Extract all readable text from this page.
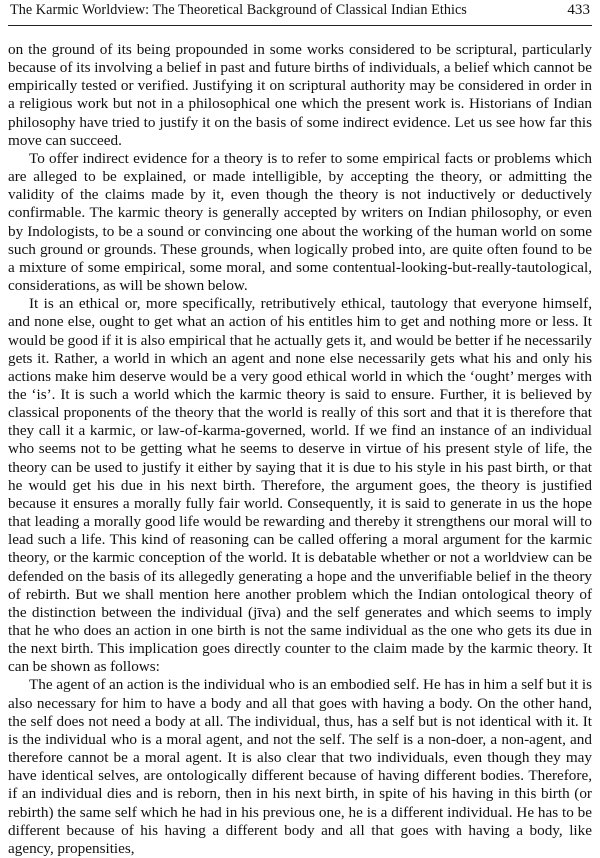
The Karmic Worldview: The Theoretical Background of Classical Indian Ethics	433

on the ground of its being propounded in some works considered to be scriptural, particularly because of its involving a belief in past and future births of individuals, a belief which cannot be empirically tested or verified. Justifying it on scriptural authority may be considered in order in a religious work but not in a philosophical one which the present work is. Historians of Indian philosophy have tried to justify it on the basis of some indirect evidence. Let us see how far this move can succeed.

To offer indirect evidence for a theory is to refer to some empirical facts or problems which are alleged to be explained, or made intelligible, by accepting the theory, or admitting the validity of the claims made by it, even though the theory is not inductively or deductively confirmable. The karmic theory is generally accepted by writers on Indian philosophy, or even by Indologists, to be a sound or convincing one about the working of the human world on some such ground or grounds. These grounds, when logically probed into, are quite often found to be a mixture of some empirical, some moral, and some contentual-looking-but-really-tautological, considerations, as will be shown below.

It is an ethical or, more specifically, retributively ethical, tautology that everyone himself, and none else, ought to get what an action of his entitles him to get and nothing more or less. It would be good if it is also empirical that he actually gets it, and would be better if he necessarily gets it. Rather, a world in which an agent and none else necessarily gets what his and only his actions make him deserve would be a very good ethical world in which the ‘ought’ merges with the ‘is’. It is such a world which the karmic theory is said to ensure. Further, it is believed by classical proponents of the theory that the world is really of this sort and that it is therefore that they call it a karmic, or law-of-karma-governed, world. If we find an instance of an individual who seems not to be getting what he seems to deserve in virtue of his present style of life, the theory can be used to justify it either by saying that it is due to his style in his past birth, or that he would get his due in his next birth. Therefore, the argument goes, the theory is justified because it ensures a morally fully fair world. Consequently, it is said to generate in us the hope that leading a morally good life would be rewarding and thereby it strengthens our moral will to lead such a life. This kind of reasoning can be called offering a moral argument for the karmic theory, or the karmic conception of the world. It is debatable whether or not a worldview can be defended on the basis of its allegedly generating a hope and the unverifiable belief in the theory of rebirth. But we shall mention here another problem which the Indian ontological theory of the distinction between the individual (jīva) and the self generates and which seems to imply that he who does an action in one birth is not the same individual as the one who gets its due in the next birth. This implication goes directly counter to the claim made by the karmic theory. It can be shown as follows:

The agent of an action is the individual who is an embodied self. He has in him a self but it is also necessary for him to have a body and all that goes with having a body. On the other hand, the self does not need a body at all. The individual, thus, has a self but is not identical with it. It is the individual who is a moral agent, and not the self. The self is a non-doer, a non-agent, and therefore cannot be a moral agent. It is also clear that two individuals, even though they may have identical selves, are ontologically different because of having different bodies. Therefore, if an individual dies and is reborn, then in his next birth, in spite of his having in this birth (or rebirth) the same self which he had in his previous one, he is a different individual. He has to be different because of his having a different body and all that goes with having a body, like agency, propensities,
